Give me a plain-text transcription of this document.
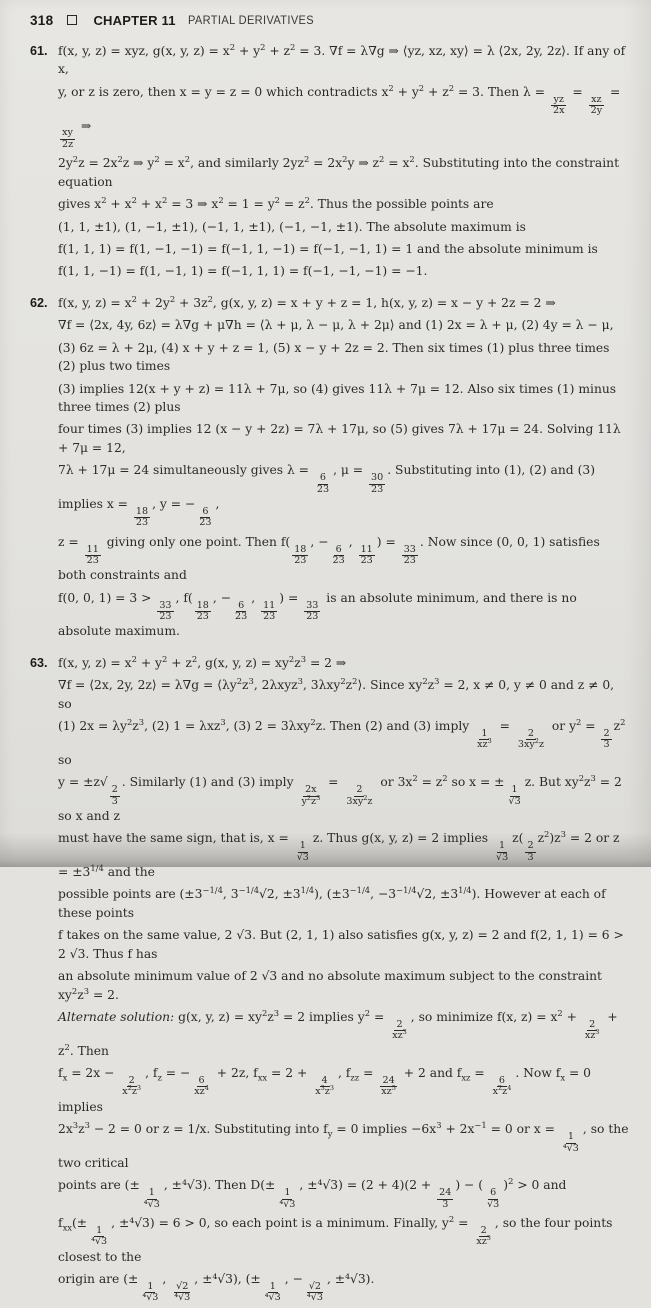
318	CHAPTER 11 PARTIAL DERIVATIVES
61. f(x, y, z) = xyz, g(x, y, $z) = x^2 + y^2 + z^2 = 3$. ∇f = λ∇g ⇒ ⟨yz, xz, xy⟩ = λ ⟨2x, 2y, 2z⟩. If any of x,
y, or z is zero, then x = y = z = 0 which contradicts $x^2 + y^2 + z^2 = 3$. Then λ =
$\frac{yz}{2x}$
=
$\frac{xz}{2y}$
=
$\frac{xy}{2z}$
⇒
$2y^2z = 2x^2z$ ⇒ $y^2 = x^2$, and similarly $2yz^2 = 2x^2y$ ⇒ $z^2 = x^2$. Substituting into the constraint equation
gives $x^2 + x^2 + x^2 = 3$ ⇒ $x^2 = 1 = y^2 = z^2$. Thus the possible points are
(1, 1, ±1), (1, −1, ±1), (−1, 1, ±1), (−1, −1, ±1). The absolute maximum is
f(1, 1, 1) = f(1, −1, −1) = f(−1, 1, −1) = f(−1, −1, 1) = 1 and the absolute minimum is
f(1, 1, −1) = f(1, −1, 1) = f(−1, 1, 1) = f(−1, −1, −1) = −1.
62. f(x, y, $z) = x^2 + 2y^2 + 3z^2$, g(x, y, z) = x + y + z = 1, h(x, y, z) = x − y + 2z = 2 ⇒
∇f = ⟨2x, 4y, 6z⟩ = λ∇g + μ∇h = ⟨λ + μ, λ − μ, λ + 2μ⟩ and (1) 2x = λ + μ, (2) 4y = λ − μ,
(3) 6z = λ + 2μ, (4) x + y + z = 1, (5) x − y + 2z = 2. Then six times (1) plus three times (2) plus two times
(3) implies 12(x + y + z) = 11λ + 7μ, so (4) gives 11λ + 7μ = 12. Also six times (1) minus three times (2) plus
four times (3) implies 12 (x − y + 2z) = 7λ + 17μ, so (5) gives 7λ + 17μ = 24. Solving 11λ + 7μ = 12,
7λ + 17μ = 24 simultaneously gives λ =
$\frac{6}{23}$
, μ =
$\frac{30}{23}$
. Substituting into (1), (2) and (3) implies x =
$\frac{18}{23}$
, y = −
$\frac{6}{23}$
,
z =
$\frac{11}{23}$
giving only one point. Then f(
$\frac{18}{23}$
, −
$\frac{6}{23}$
,
$\frac{11}{23}$
) =
$\frac{33}{23}$
. Now since (0, 0, 1) satisfies both constraints and
f(0, 0, 1) = 3 >
$\frac{33}{23}$
, f(
$\frac{18}{23}$
, −
$\frac{6}{23}$
,
$\frac{11}{23}$
) =
$\frac{33}{23}$
is an absolute minimum, and there is no absolute maximum.
63. f(x, y, $z) = x^2 + y^2 + z^2$, g(x, y, $z) = xy^2z^3 = 2$ ⇒
∇f = ⟨2x, 2y, 2z⟩ = $\lambda\nabla g = ⟨\lambda y^2z^3$, 2λxyz$^3$, $3\lambda xy^2z^2⟩$. Since $xy^2z^3 = 2$, x ≠ 0, y ≠ 0 and z ≠ 0, so
(1) $2x = \lambda y^2z^3$, (2) 1 = λxz$^3$, (3) 2 = 3λxy$^2$z. Then (2) and (3) imply
$\frac{1}{xz^3}$
=
$\frac{2}{3xy^2z}$
or $y^2$ =
$\frac{2}{3}$
$z^2$ so
y = ±z√
$\frac{2}{3}$
. Similarly (1) and (3) imply
$\frac{2x}{y^2z^3}$
=
$\frac{2}{3xy^2z}$
or $3x^2 = z^2$ so x = ±
$\frac{1}{√3}$
z. But $xy^2z^3 = 2$ so x and z
must have the same sign, that is, x =
$\frac{1}{√3}$
z. Thus g(x, y, z) = 2 implies
$\frac{1}{√3}$
z(
$\frac{2}{3}$
$z^2)z^3 = 2$ or $z = \pm 3^{1/4}$ and the
possible points are ($\pm 3^{-1/4}$, $3^{-1/4}√2$, $\pm 3^{1/4}$), ($\pm 3^{-1/4}$, $-3^{-1/4}√2$, $\pm 3^{1/4}$). However at each of these points
f takes on the same value, 2 √3. But (2, 1, 1) also satisfies g(x, y, z) = 2 and f(2, 1, 1) = 6 > 2 √3. Thus f has
an absolute minimum value of 2 √3 and no absolute maximum subject to the constraint $xy^2z^3 = 2$.
Alternate solution: g(x, y, $z) = xy^2z^3 = 2$ implies $y^2$ =
$\frac{2}{xz^3}$
, so minimize f(x, $z) = x^2$ +
$\frac{2}{xz^3}$
+ $z^2$. Then
$f_x = 2x$ −
$\frac{2}{x^2z^3}$
, $f_z$ = −
$\frac{6}{xz^4}$
+ 2z, $f_{xx} = 2$ +
$\frac{4}{x^3z^3}$
, $f_{zz}$ =
$\frac{24}{xz^5}$
+ 2 and $f_{xz}$ =
$\frac{6}{x^2z^4}$
. Now $f_x = 0$ implies
$2x^3z^3 - 2 = 0$ or z = 1/x. Substituting into $f_y = 0$ implies $-6x^3 + 2x^{-1} = 0$ or x =
$\frac{1}{\text{⁴√3}}$
, so the two critical
points are (±
$\frac{1}{\text{⁴√3}}$
, ±⁴√3). Then D(±
$\frac{1}{\text{⁴√3}}$
, ±⁴√3) = (2 + 4)(2 +
$\frac{24}{3}$
) − (
$\frac{6}{√3}$
)$^2$ > 0 and
$f_{xx}(\pm$
$\frac{1}{\text{⁴√3}}$
, ±⁴√3) = 6 > 0, so each point is a minimum. Finally, $y^2$ =
$\frac{2}{xz^3}$
, so the four points closest to the
origin are (±
$\frac{1}{\text{⁴√3}}$
,
$\frac{√2}{\text{⁴√3}}$
, ±⁴√3), (±
$\frac{1}{\text{⁴√3}}$
, −
$\frac{√2}{\text{⁴√3}}$
, ±⁴√3).
